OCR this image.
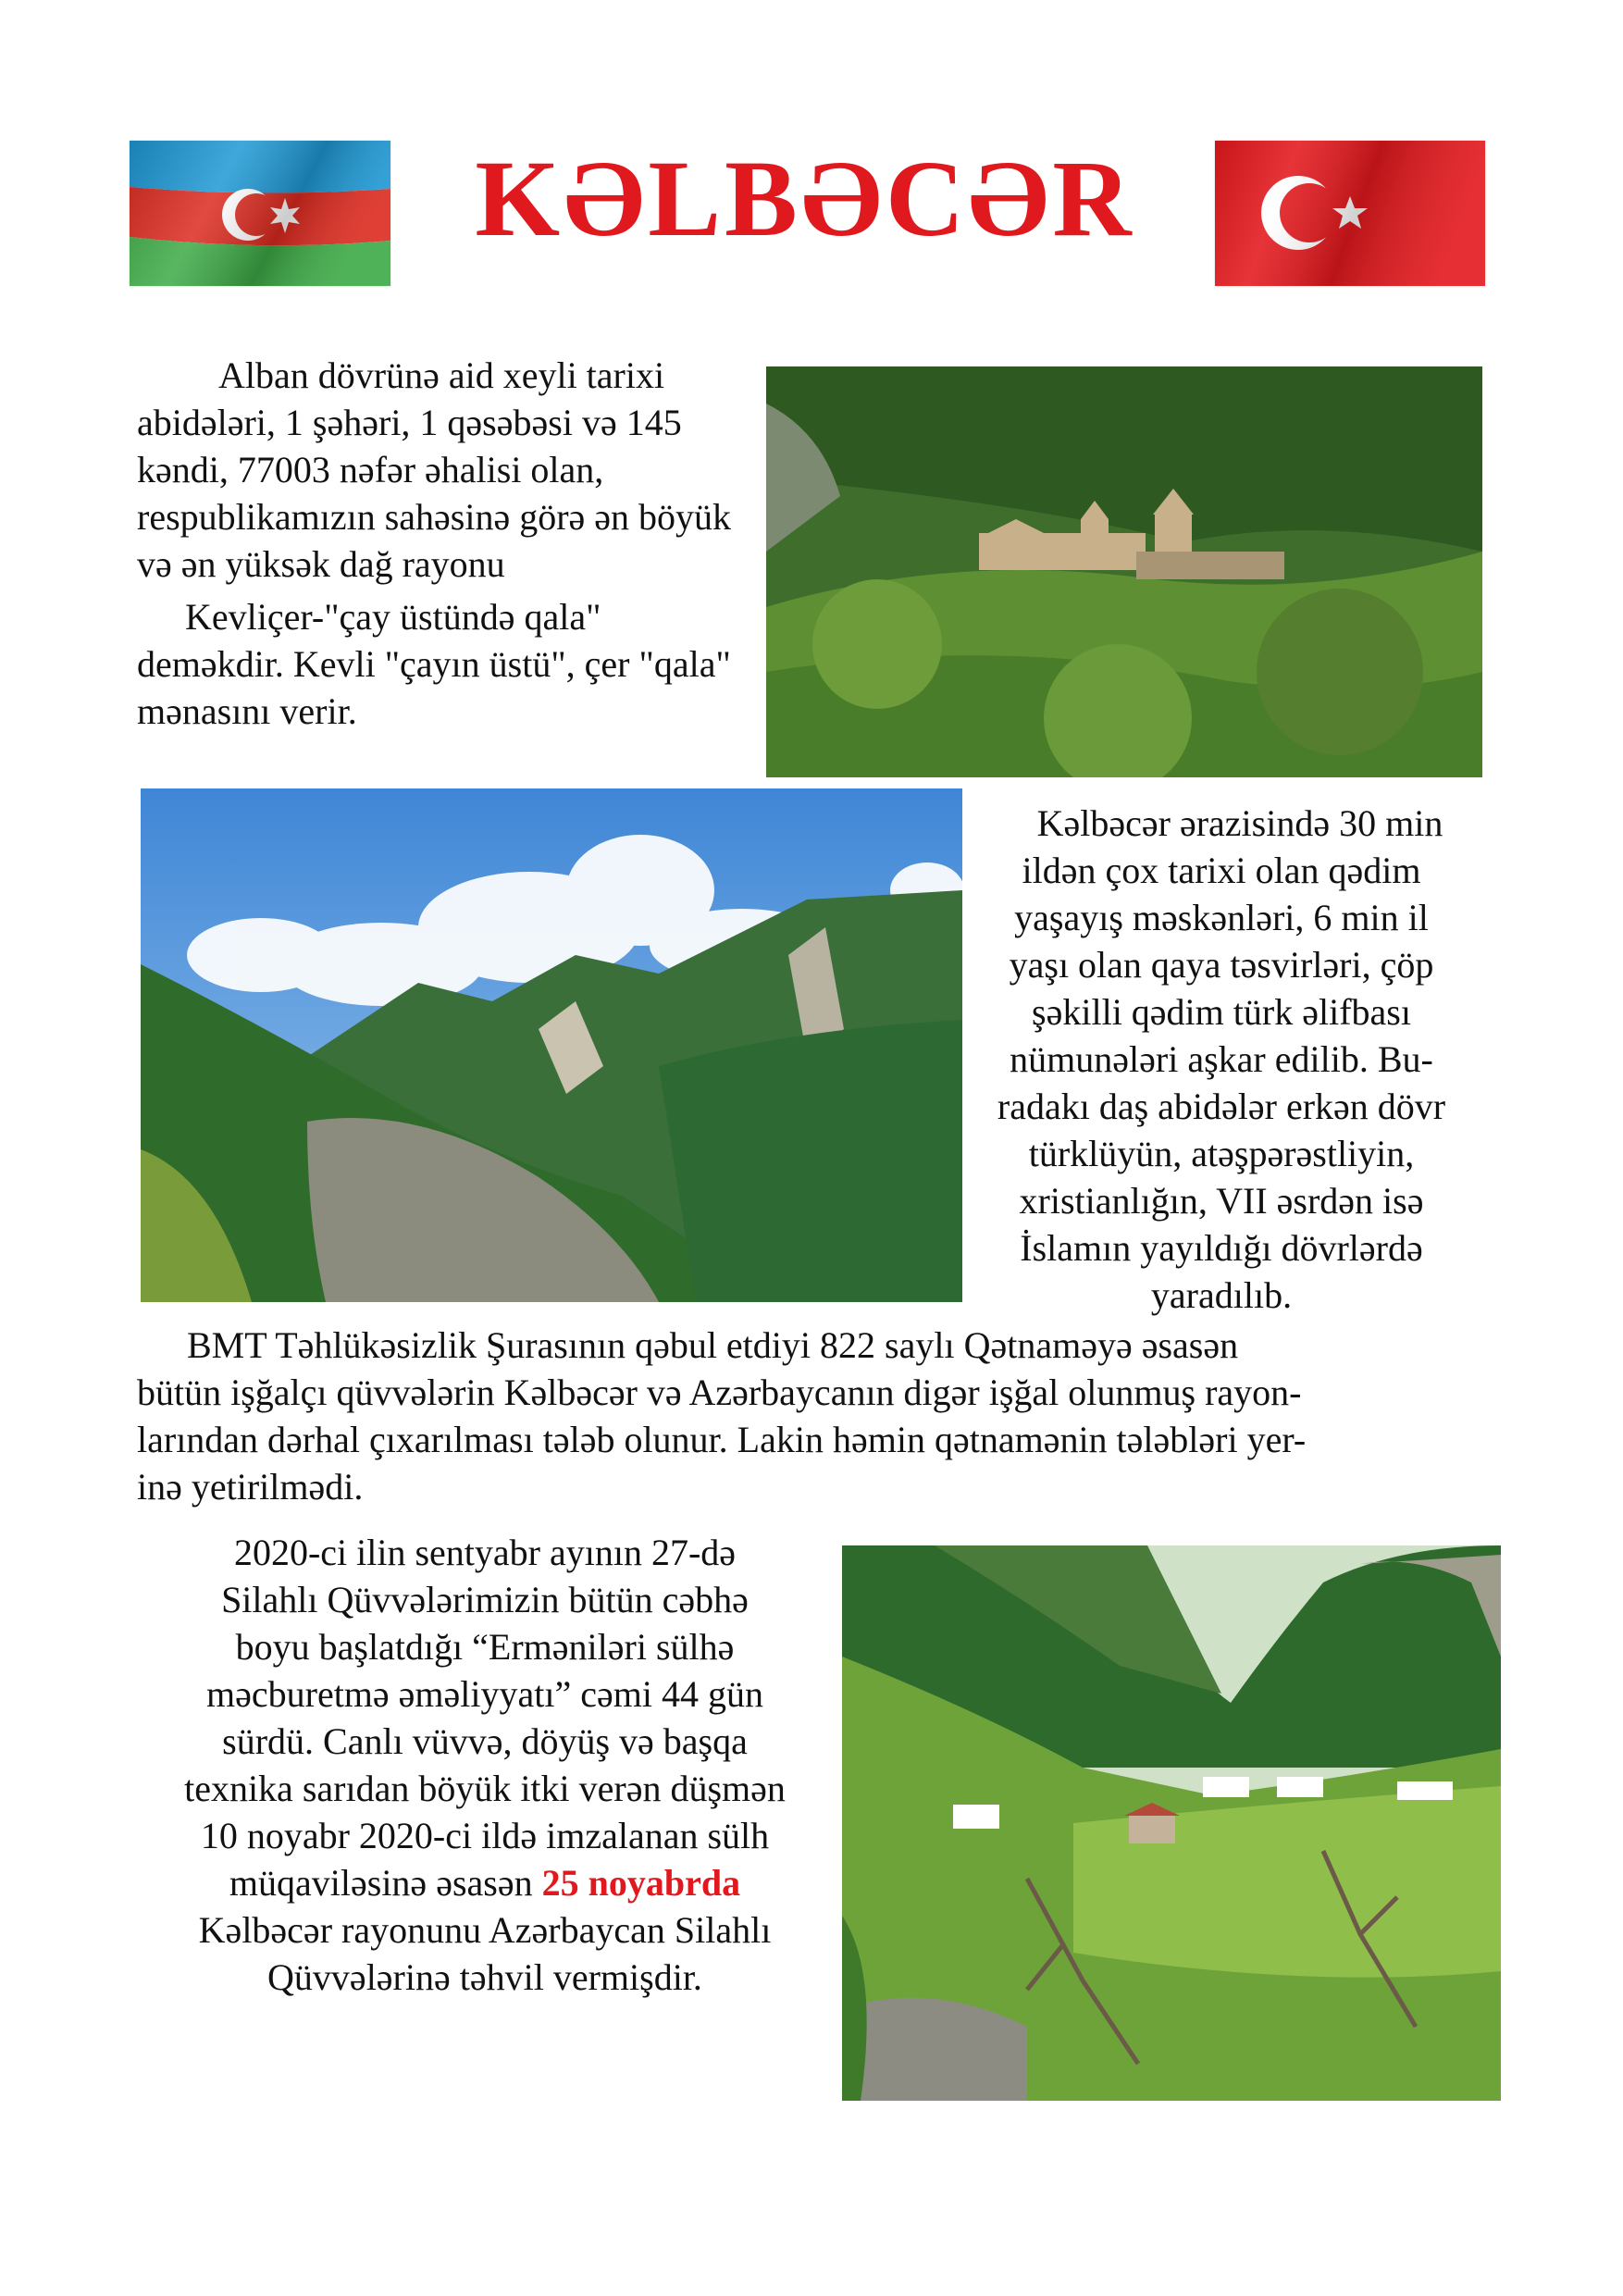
KƏLBƏCƏR

Alban dövrünə aid xeyli tarixi abidələri, 1 şəhəri, 1 qəsəbəsi və 145 kəndi, 77003 nəfər əhalisi olan, respublikamızın sahəsinə görə ən böyük və ən yüksək dağ rayonu

Kevliçer-"çay üstündə qala" deməkdir. Kevli "çayın üstü", çer "qala" mənasını verir.

Kəlbəcər ərazisində 30 min

ildən çox tarixi olan qədim

yaşayış məskənləri, 6 min il

yaşı olan qaya təsvirləri, çöp

şəkilli qədim türk əlifbası

nümunələri aşkar edilib. Bu-

radakı daş abidələr erkən dövr

türklüyün, atəşpərəstliyin,

xristianlığın, VII əsrdən isə

İslamın yayıldığı dövrlərdə

yaradılıb.

BMT Təhlükəsizlik Şurasının qəbul etdiyi 822 saylı Qətnaməyə əsasən

bütün işğalçı qüvvələrin Kəlbəcər və Azərbaycanın digər işğal olunmuş rayon-

larından dərhal çıxarılması tələb olunur. Lakin həmin qətnamənin tələbləri yer-

inə yetirilmədi.

2020-ci ilin sentyabr ayının 27-də

Silahlı Qüvvələrimizin bütün cəbhə

boyu başlatdığı “Erməniləri sülhə

məcburetmə əməliyyatı” cəmi 44 gün

sürdü. Canlı vüvvə, döyüş və başqa

texnika sarıdan böyük itki verən düşmən

10 noyabr 2020-ci ildə imzalanan sülh

müqaviləsinə əsasən 25 noyabrda

Kəlbəcər rayonunu Azərbaycan Silahlı

Qüvvələrinə təhvil vermişdir.
